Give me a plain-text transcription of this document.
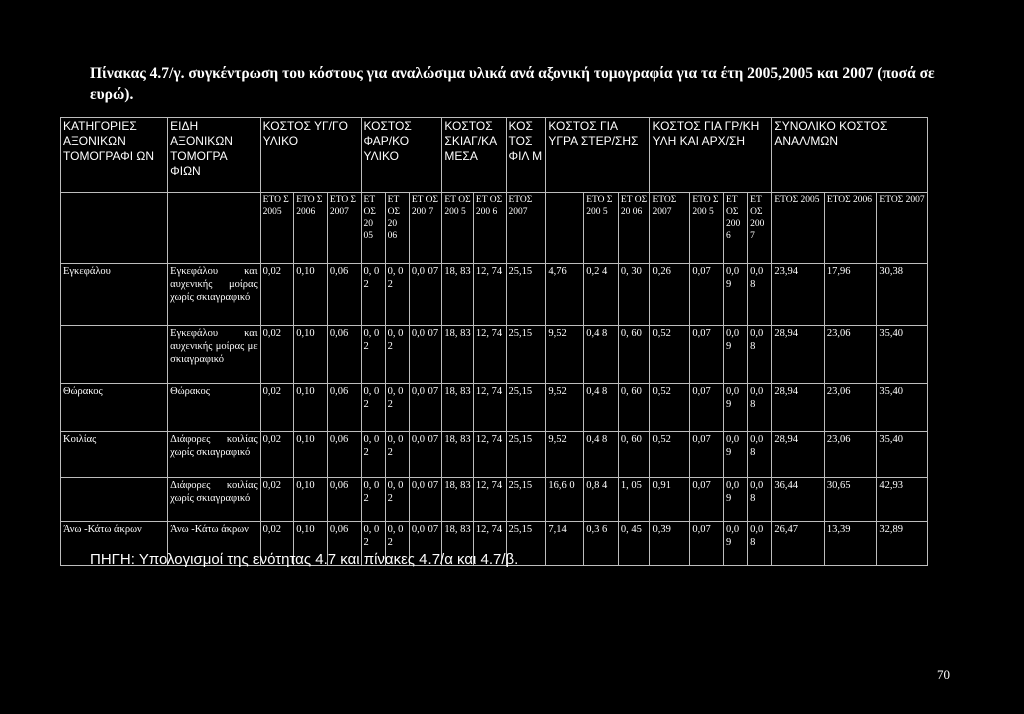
Πίνακας 4.7/γ. συγκέντρωση του κόστους για αναλώσιμα υλικά ανά αξονική τομογραφία για τα έτη 2005,2005 και 2007 (ποσά σε ευρώ).
ΚΑΤΗΓΟΡΙΕΣ ΑΞΟΝΙΚΩΝ ΤΟΜΟΓΡΑΦΙ ΩΝ	ΕΙΔΗ ΑΞΟΝΙΚΩΝ ΤΟΜΟΓΡΑ ΦΙΩΝ	ΚΟΣΤΟΣ ΥΓ/ΓΟ ΥΛΙΚΟ			ΚΟΣΤΟΣ ΦΑΡ/ΚΟ ΥΛΙΚΟ			ΚΟΣΤΟΣ ΣΚΙΑΓ/ΚΑ ΜΕΣΑ		ΚΟΣ ΤΟΣ ΦΙΛ Μ	ΚΟΣΤΟΣ ΓΙΑ ΥΓΡΑ ΣΤΕΡ/ΣΗΣ			ΚΟΣΤΟΣ ΓΙΑ ΓΡ/ΚΗ ΥΛΗ ΚΑΙ ΑΡΧ/ΣΗ				ΣΥΝΟΛΙΚΟ ΚΟΣΤΟΣ ΑΝΑΛ/ΜΩΝ		
		ΕΤΟ Σ 2005	ΕΤΟ Σ 2006	ΕΤΟ Σ 2007	ΕΤ ΟΣ 20 05	ΕΤ ΟΣ 20 06	ΕΤ ΟΣ 200 7	ΕΤ ΟΣ 200 5	ΕΤ ΟΣ 200 6	ΕΤΟΣ 2007		ΕΤΟ Σ 200 5	ΕΤ ΟΣ 20 06	ΕΤΟΣ 2007	ΕΤΟ Σ 200 5	ΕΤ ΟΣ 200 6	ΕΤ ΟΣ 200 7	ΕΤΟΣ 2005	ΕΤΟΣ 2006	ΕΤΟΣ 2007
Εγκεφάλου	Εγκεφάλου και αυχενικής μοίρας χωρίς σκιαγραφικό	0,02	0,10	0,06	0, 02	0, 02	0,0 07	18, 83	12, 74	25,15	4,76	0,2 4	0, 30	0,26	0,07	0,0 9	0,0 8	23,94	17,96	30,38
	Εγκεφάλου και αυχενικής μοίρας με σκιαγραφικό	0,02	0,10	0,06	0, 02	0, 02	0,0 07	18, 83	12, 74	25,15	9,52	0,4 8	0, 60	0,52	0,07	0,0 9	0,0 8	28,94	23,06	35,40
Θώρακος	Θώρακος	0,02	0,10	0,06	0, 02	0, 02	0,0 07	18, 83	12, 74	25,15	9,52	0,4 8	0, 60	0,52	0,07	0,0 9	0,0 8	28,94	23,06	35,40
Κοιλίας	Διάφορες κοιλίας χωρίς σκιαγραφικό	0,02	0,10	0,06	0, 02	0, 02	0,0 07	18, 83	12, 74	25,15	9,52	0,4 8	0, 60	0,52	0,07	0,0 9	0,0 8	28,94	23,06	35,40
	Διάφορες κοιλίας χωρίς σκιαγραφικό	0,02	0,10	0,06	0, 02	0, 02	0,0 07	18, 83	12, 74	25,15	16,6 0	0,8 4	1, 05	0,91	0,07	0,0 9	0,0 8	36,44	30,65	42,93
Άνω -Κάτω άκρων	Άνω -Κάτω άκρων	0,02	0,10	0,06	0, 02	0, 02	0,0 07	18, 83	12, 74	25,15	7,14	0,3 6	0, 45	0,39	0,07	0,0 9	0,0 8	26,47	13,39	32,89
ΠΗΓΗ: Υπολογισμοί της ενότητας 4.7 και πίνακες 4.7/α και 4.7/β.
70
